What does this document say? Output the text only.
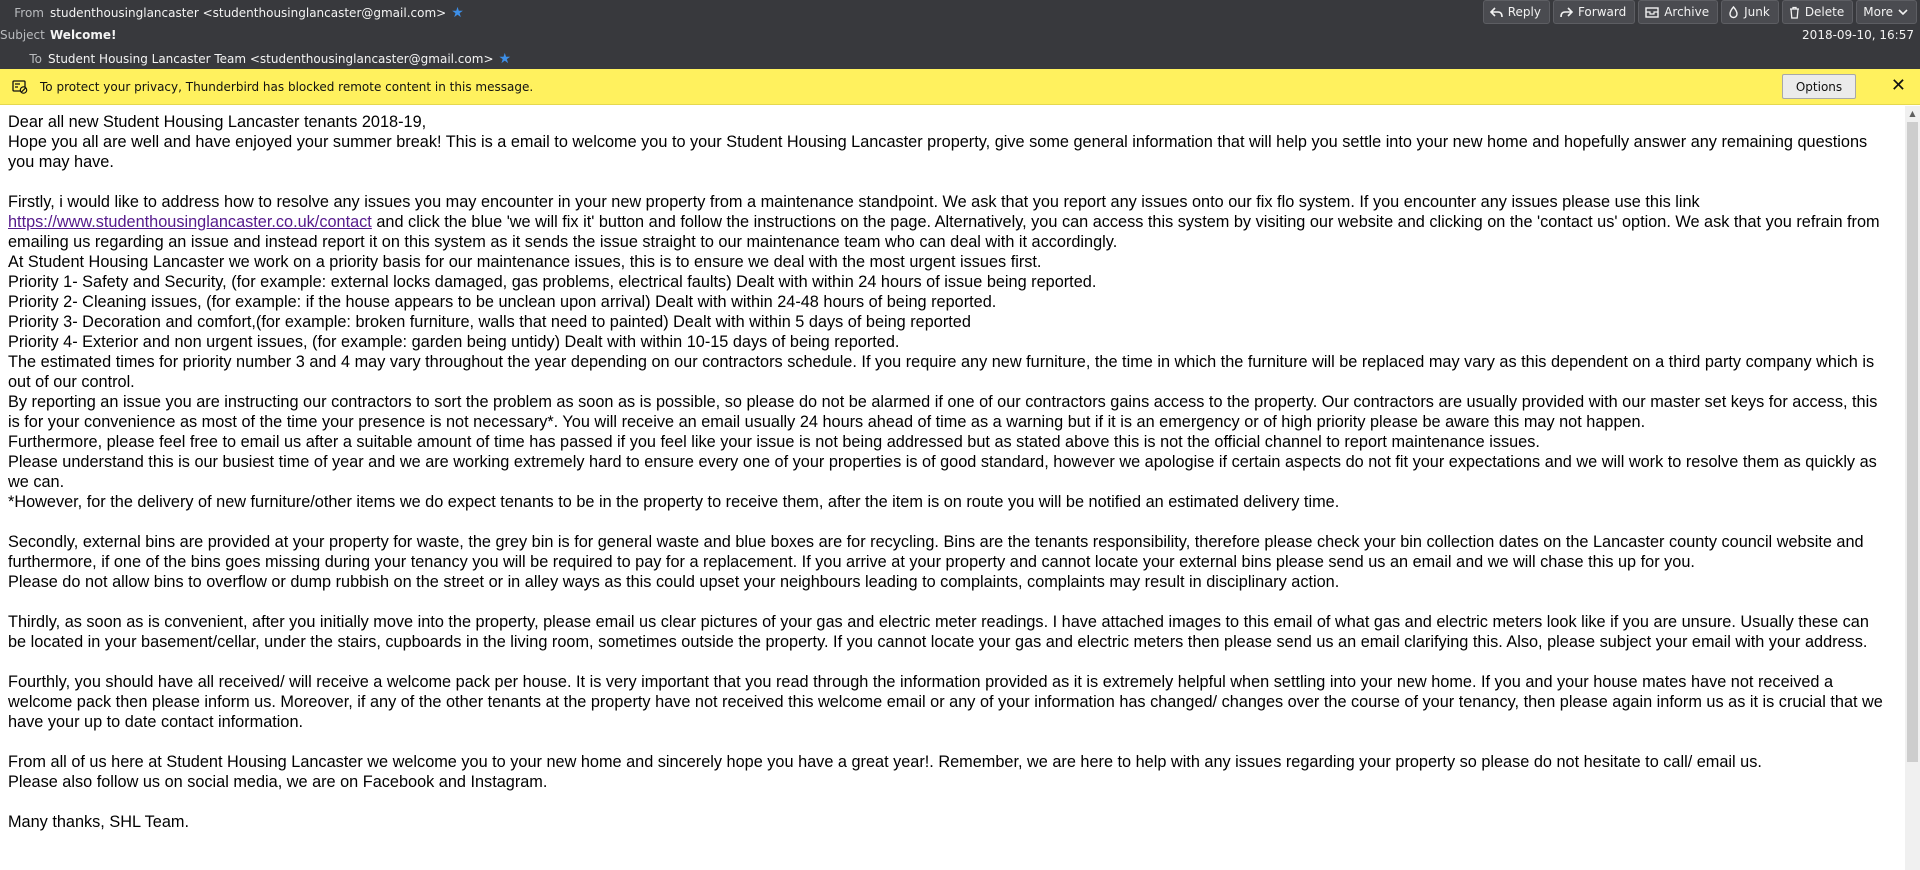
From studenthousinglancaster <studenthousinglancaster@gmail.com> ★
Subject Welcome!
To Student Housing Lancaster Team <studenthousinglancaster@gmail.com> ★
Reply	Forward	Archive	Junk	Delete More
2018-09-10, 16:57
To protect your privacy, Thunderbird has blocked remote content in this message.	Options	✕

Dear all new Student Housing Lancaster tenants 2018-19,

Hope you all are well and have enjoyed your summer break! This is a email to welcome you to your Student Housing Lancaster property, give some general information that will help you settle into your new home and hopefully answer any remaining questions you may have.

Firstly, i would like to address how to resolve any issues you may encounter in your new property from a maintenance standpoint. We ask that you report any issues onto our fix flo system. If you encounter any issues please use this link https://www.studenthousinglancaster.co.uk/contact and click the blue 'we will fix it' button and follow the instructions on the page. Alternatively, you can access this system by visiting our website and clicking on the 'contact us' option. We ask that you refrain from emailing us regarding an issue and instead report it on this system as it sends the issue straight to our maintenance team who can deal with it accordingly.

At Student Housing Lancaster we work on a priority basis for our maintenance issues, this is to ensure we deal with the most urgent issues first.

Priority 1- Safety and Security, (for example: external locks damaged, gas problems, electrical faults) Dealt with within 24 hours of issue being reported.

Priority 2- Cleaning issues, (for example: if the house appears to be unclean upon arrival) Dealt with within 24-48 hours of being reported.

Priority 3- Decoration and comfort,(for example: broken furniture, walls that need to painted) Dealt with within 5 days of being reported

Priority 4- Exterior and non urgent issues, (for example: garden being untidy) Dealt with within 10-15 days of being reported.

The estimated times for priority number 3 and 4 may vary throughout the year depending on our contractors schedule. If you require any new furniture, the time in which the furniture will be replaced may vary as this dependent on a third party company which is out of our control.

By reporting an issue you are instructing our contractors to sort the problem as soon as is possible, so please do not be alarmed if one of our contractors gains access to the property. Our contractors are usually provided with our master set keys for access, this is for your convenience as most of the time your presence is not necessary*. You will receive an email usually 24 hours ahead of time as a warning but if it is an emergency or of high priority please be aware this may not happen.

Furthermore, please feel free to email us after a suitable amount of time has passed if you feel like your issue is not being addressed but as stated above this is not the official channel to report maintenance issues.

Please understand this is our busiest time of year and we are working extremely hard to ensure every one of your properties is of good standard, however we apologise if certain aspects do not fit your expectations and we will work to resolve them as quickly as we can.

*However, for the delivery of new furniture/other items we do expect tenants to be in the property to receive them, after the item is on route you will be notified an estimated delivery time.

Secondly, external bins are provided at your property for waste, the grey bin is for general waste and blue boxes are for recycling. Bins are the tenants responsibility, therefore please check your bin collection dates on the Lancaster county council website and furthermore, if one of the bins goes missing during your tenancy you will be required to pay for a replacement. If you arrive at your property and cannot locate your external bins please send us an email and we will chase this up for you.

Please do not allow bins to overflow or dump rubbish on the street or in alley ways as this could upset your neighbours leading to complaints, complaints may result in disciplinary action.

Thirdly, as soon as is convenient, after you initially move into the property, please email us clear pictures of your gas and electric meter readings. I have attached images to this email of what gas and electric meters look like if you are unsure. Usually these can be located in your basement/cellar, under the stairs, cupboards in the living room, sometimes outside the property. If you cannot locate your gas and electric meters then please send us an email clarifying this. Also, please subject your email with your address.

Fourthly, you should have all received/ will receive a welcome pack per house. It is very important that you read through the information provided as it is extremely helpful when settling into your new home. If you and your house mates have not received a welcome pack then please inform us. Moreover, if any of the other tenants at the property have not received this welcome email or any of your information has changed/ changes over the course of your tenancy, then please again inform us as it is crucial that we have your up to date contact information.

From all of us here at Student Housing Lancaster we welcome you to your new home and sincerely hope you have a great year!. Remember, we are here to help with any issues regarding your property so please do not hesitate to call/ email us.

Please also follow us on social media, we are on Facebook and Instagram.

Many thanks, SHL Team.

▲
